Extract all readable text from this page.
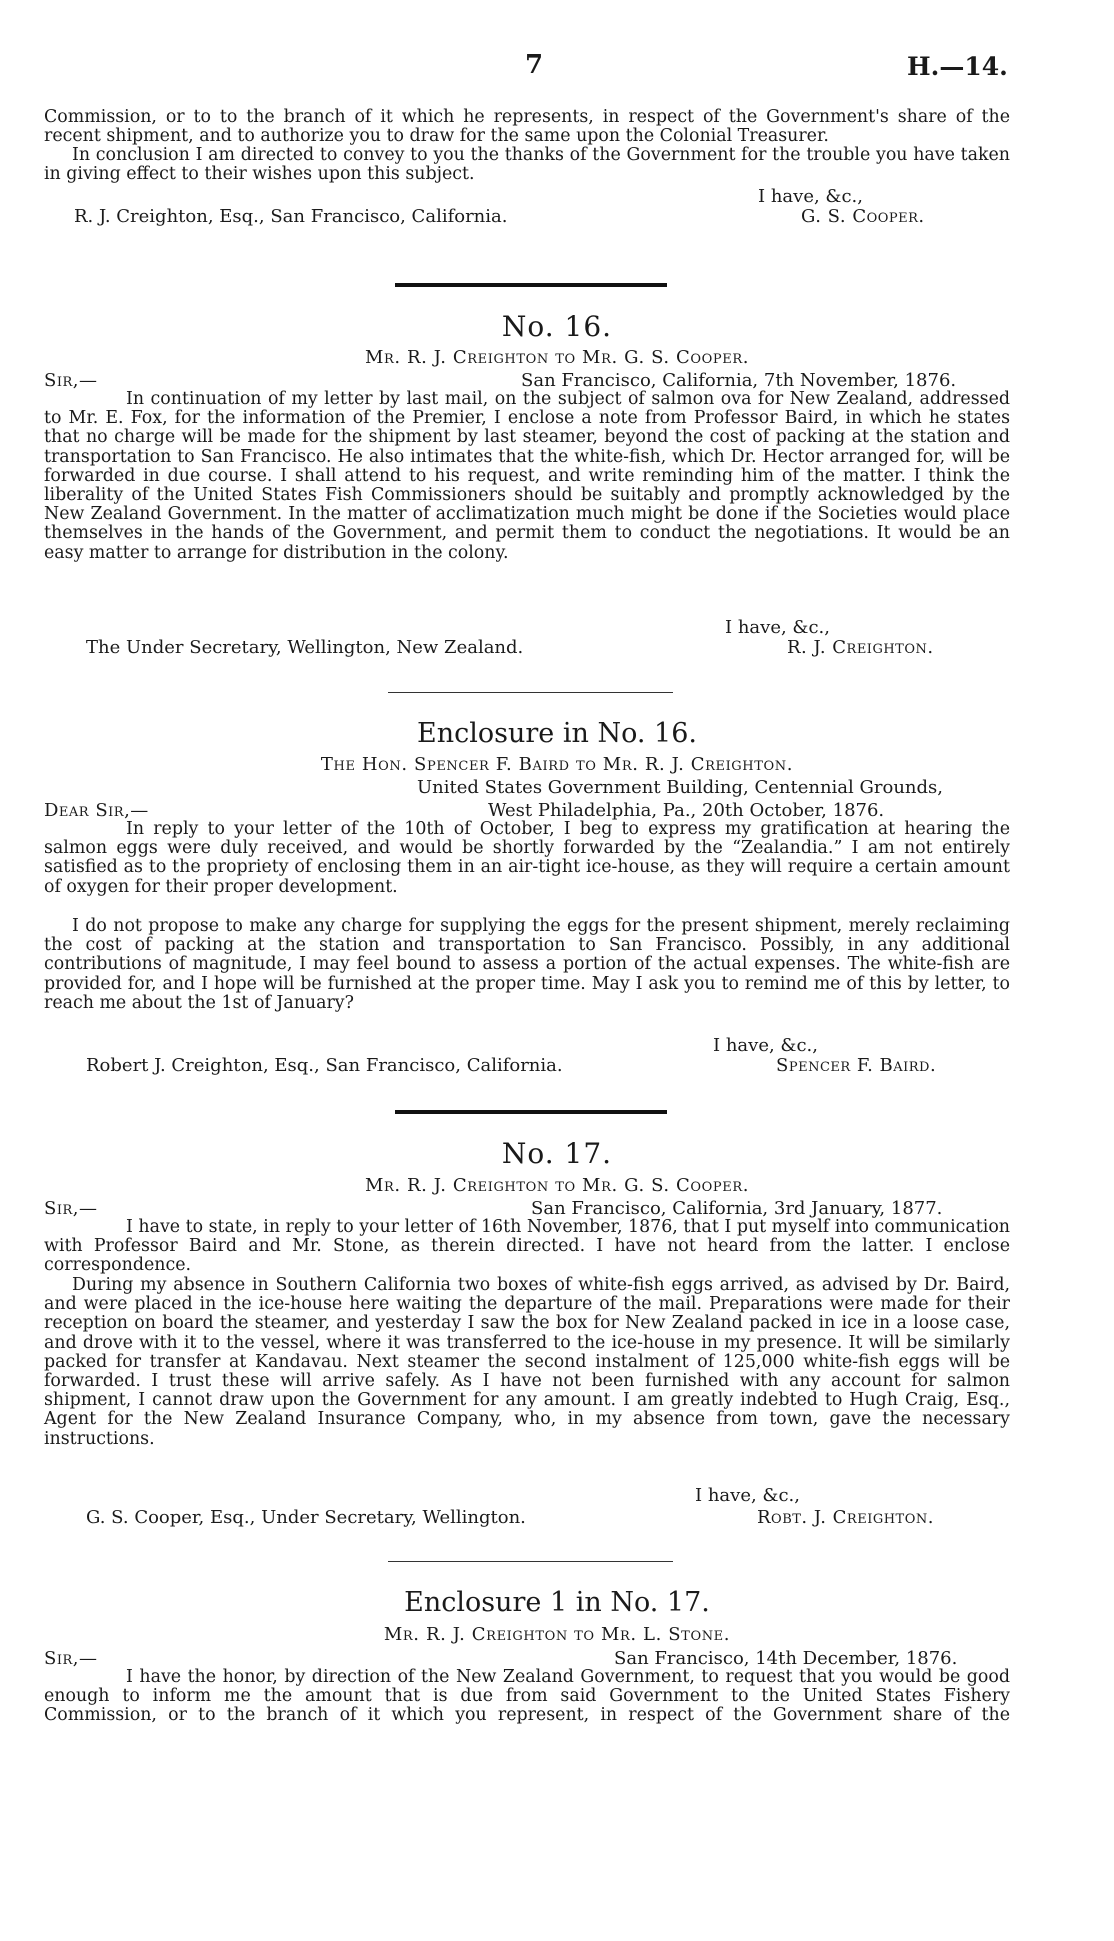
7	H.—14.
Commission, or to to the branch of it which he represents, in respect of the Government's share of the recent shipment, and to authorize you to draw for the same upon the Colonial Treasurer.
In conclusion I am directed to convey to you the thanks of the Government for the trouble you have taken in giving effect to their wishes upon this subject.
I have, &c.,
R. J. Creighton, Esq., San Francisco, California.	G. S. Cooper.
No. 16.
Mr. R. J. Creighton to Mr. G. S. Cooper.
Sir,—	San Francisco, California, 7th November, 1876.
In continuation of my letter by last mail, on the subject of salmon ova for New Zealand, addressed to Mr. E. Fox, for the information of the Premier, I enclose a note from Professor Baird, in which he states that no charge will be made for the shipment by last steamer, beyond the cost of packing at the station and transportation to San Francisco. He also intimates that the white-fish, which Dr. Hector arranged for, will be forwarded in due course. I shall attend to his request, and write reminding him of the matter. I think the liberality of the United States Fish Commissioners should be suitably and promptly acknowledged by the New Zealand Government. In the matter of acclimatization much might be done if the Societies would place themselves in the hands of the Government, and permit them to conduct the negotiations. It would be an easy matter to arrange for distribution in the colony.
I have, &c.,
The Under Secretary, Wellington, New Zealand.	R. J. Creighton.
Enclosure in No. 16.
The Hon. Spencer F. Baird to Mr. R. J. Creighton.
United States Government Building, Centennial Grounds,
Dear Sir,—	West Philadelphia, Pa., 20th October, 1876.
In reply to your letter of the 10th of October, I beg to express my gratification at hearing the salmon eggs were duly received, and would be shortly forwarded by the “Zealandia.” I am not entirely satisfied as to the propriety of enclosing them in an air-tight ice-house, as they will require a certain amount of oxygen for their proper development.
I do not propose to make any charge for supplying the eggs for the present shipment, merely reclaiming the cost of packing at the station and transportation to San Francisco. Possibly, in any additional contributions of magnitude, I may feel bound to assess a portion of the actual expenses. The white-fish are provided for, and I hope will be furnished at the proper time. May I ask you to remind me of this by letter, to reach me about the 1st of January?
I have, &c.,
Robert J. Creighton, Esq., San Francisco, California.	Spencer F. Baird.
No. 17.
Mr. R. J. Creighton to Mr. G. S. Cooper.
Sir,—	San Francisco, California, 3rd January, 1877.
I have to state, in reply to your letter of 16th November, 1876, that I put myself into communication with Professor Baird and Mr. Stone, as therein directed. I have not heard from the latter. I enclose correspondence.
During my absence in Southern California two boxes of white-fish eggs arrived, as advised by Dr. Baird, and were placed in the ice-house here waiting the departure of the mail. Preparations were made for their reception on board the steamer, and yesterday I saw the box for New Zealand packed in ice in a loose case, and drove with it to the vessel, where it was transferred to the ice-house in my presence. It will be similarly packed for transfer at Kandavau. Next steamer the second instalment of 125,000 white-fish eggs will be forwarded. I trust these will arrive safely. As I have not been furnished with any account for salmon shipment, I cannot draw upon the Government for any amount. I am greatly indebted to Hugh Craig, Esq., Agent for the New Zealand Insurance Company, who, in my absence from town, gave the necessary instructions.
I have, &c.,
G. S. Cooper, Esq., Under Secretary, Wellington.	Robt. J. Creighton.
Enclosure 1 in No. 17.
Mr. R. J. Creighton to Mr. L. Stone.
Sir,—	San Francisco, 14th December, 1876.
I have the honor, by direction of the New Zealand Government, to request that you would be good enough to inform me the amount that is due from said Government to the United States Fishery Commission, or to the branch of it which you represent, in respect of the Government share of the
